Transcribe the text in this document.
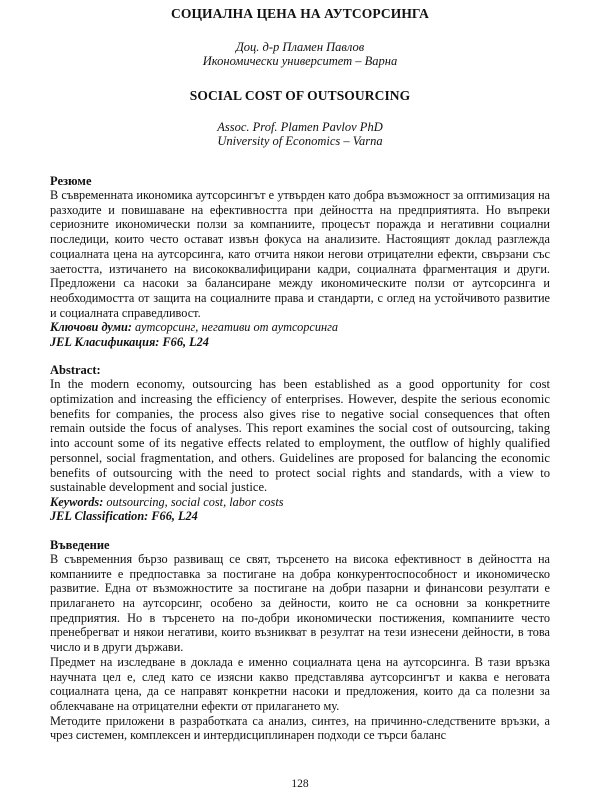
СОЦИАЛНА ЦЕНА НА АУТСОРСИНГА
Доц. д-р Пламен Павлов
Икономически университет – Варна
SOCIAL COST OF OUTSOURCING
Assoc. Prof. Plamen Pavlov PhD
University of Economics – Varna
Резюме

В съвременната икономика аутсорсингът е утвърден като добра възможност за оптимизация на разходите и повишаване на ефективността при дейността на предприятията. Но въпреки сериозните икономически ползи за компаниите, процесът поражда и негативни социални последици, които често остават извън фокуса на анализите. Настоящият доклад разглежда социалната цена на аутсорсинга, като отчита някои негови отрицателни ефекти, свързани със заетостта, изтичането на висококвалифицирани кадри, социалната фрагментация и други. Предложени са насоки за балансиране между икономическите ползи от аутсорсинга и необходимостта от защита на социалните права и стандарти, с оглед на устойчивото развитие и социалната справедливост.

Ключови думи: аутсорсинг, негативи от аутсорсинга
JEL Класификация: F66, L24
Abstract:

In the modern economy, outsourcing has been established as a good opportunity for cost optimization and increasing the efficiency of enterprises. However, despite the serious economic benefits for companies, the process also gives rise to negative social consequences that often remain outside the focus of analyses. This report examines the social cost of outsourcing, taking into account some of its negative effects related to employment, the outflow of highly qualified personnel, social fragmentation, and others. Guidelines are proposed for balancing the economic benefits of outsourcing with the need to protect social rights and standards, with a view to sustainable development and social justice.

Keywords: outsourcing, social cost, labor costs
JEL Classification: F66, L24
Въведение

В съвременния бързо развиващ се свят, търсенето на висока ефективност в дейността на компаниите е предпоставка за постигане на добра конкурентоспособност и икономическо развитие. Една от възможностите за постигане на добри пазарни и финансови резултати е прилагането на аутсорсинг, особено за дейности, които не са основни за конкретните предприятия. Но в търсенето на по-добри икономически постижения, компаниите често пренебрегват и някои негативи, които възникват в резултат на тези изнесени дейности, в това число и в други държави.

Предмет на изследване в доклада е именно социалната цена на аутсорсинга. В тази връзка научната цел е, след като се изясни какво представлява аутсорсингът и каква е неговата социалната цена, да се направят конкретни насоки и предложения, които да са полезни за облекчаване на отрицателни ефекти от прилагането му.

Методите приложени в разработката са анализ, синтез, на причинно-следствените връзки, а чрез системен, комплексен и интердисциплинарен подходи се търси баланс

128
